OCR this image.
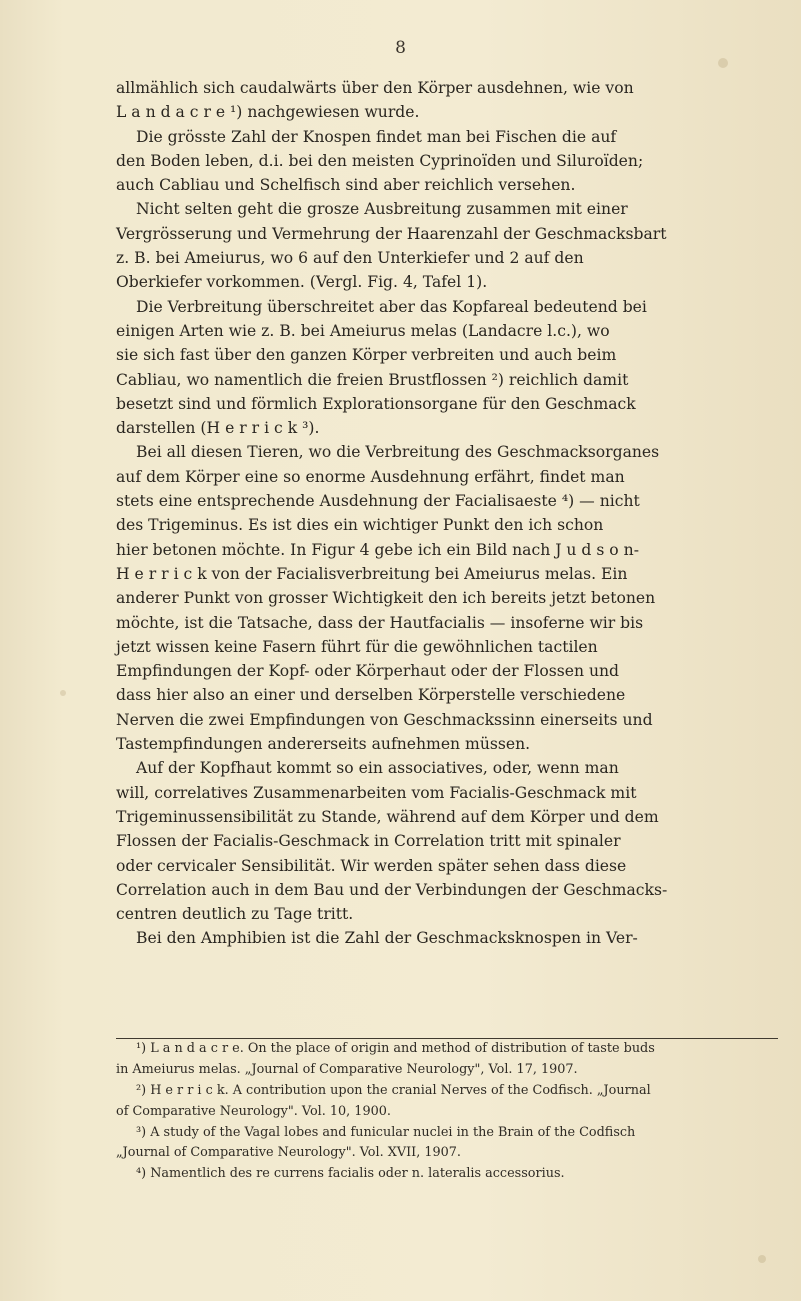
8
allmählich sich caudalwärts über den Körper ausdehnen, wie von
L a n d a c r e ¹) nachgewiesen wurde.
Die grösste Zahl der Knospen findet man bei Fischen die auf
den Boden leben, d.i. bei den meisten Cyprinoïden und Siluroïden;
auch Cabliau und Schelfisch sind aber reichlich versehen.
Nicht selten geht die grosze Ausbreitung zusammen mit einer
Vergrösserung und Vermehrung der Haarenzahl der Geschmacksbart
z. B. bei Ameiurus, wo 6 auf den Unterkiefer und 2 auf den
Oberkiefer vorkommen. (Vergl. Fig. 4, Tafel 1).
Die Verbreitung überschreitet aber das Kopfareal bedeutend bei
einigen Arten wie z. B. bei Ameiurus melas (Landacre l.c.), wo
sie sich fast über den ganzen Körper verbreiten und auch beim
Cabliau, wo namentlich die freien Brustflossen ²) reichlich damit
besetzt sind und förmlich Explorationsorgane für den Geschmack
darstellen (H e r r i c k ³).
Bei all diesen Tieren, wo die Verbreitung des Geschmacksorganes
auf dem Körper eine so enorme Ausdehnung erfährt, findet man
stets eine entsprechende Ausdehnung der Facialisaeste ⁴) — nicht
des Trigeminus. Es ist dies ein wichtiger Punkt den ich schon
hier betonen möchte. In Figur 4 gebe ich ein Bild nach J u d s o n-
H e r r i c k von der Facialisverbreitung bei Ameiurus melas. Ein
anderer Punkt von grosser Wichtigkeit den ich bereits jetzt betonen
möchte, ist die Tatsache, dass der Hautfacialis — insoferne wir bis
jetzt wissen keine Fasern führt für die gewöhnlichen tactilen
Empfindungen der Kopf- oder Körperhaut oder der Flossen und
dass hier also an einer und derselben Körperstelle verschiedene
Nerven die zwei Empfindungen von Geschmackssinn einerseits und
Tastempfindungen andererseits aufnehmen müssen.
Auf der Kopfhaut kommt so ein associatives, oder, wenn man
will, correlatives Zusammenarbeiten vom Facialis-Geschmack mit
Trigeminussensibilität zu Stande, während auf dem Körper und dem
Flossen der Facialis-Geschmack in Correlation tritt mit spinaler
oder cervicaler Sensibilität. Wir werden später sehen dass diese
Correlation auch in dem Bau und der Verbindungen der Geschmacks-
centren deutlich zu Tage tritt.
Bei den Amphibien ist die Zahl der Geschmacksknospen in Ver-
¹) L a n d a c r e. On the place of origin and method of distribution of taste buds
in Ameiurus melas. „Journal of Comparative Neurology", Vol. 17, 1907.
²) H e r r i c k. A contribution upon the cranial Nerves of the Codfisch. „Journal
of Comparative Neurology". Vol. 10, 1900.
³) A study of the Vagal lobes and funicular nuclei in the Brain of the Codfisch
„Journal of Comparative Neurology". Vol. XVII, 1907.
⁴) Namentlich des re currens facialis oder n. lateralis accessorius.
